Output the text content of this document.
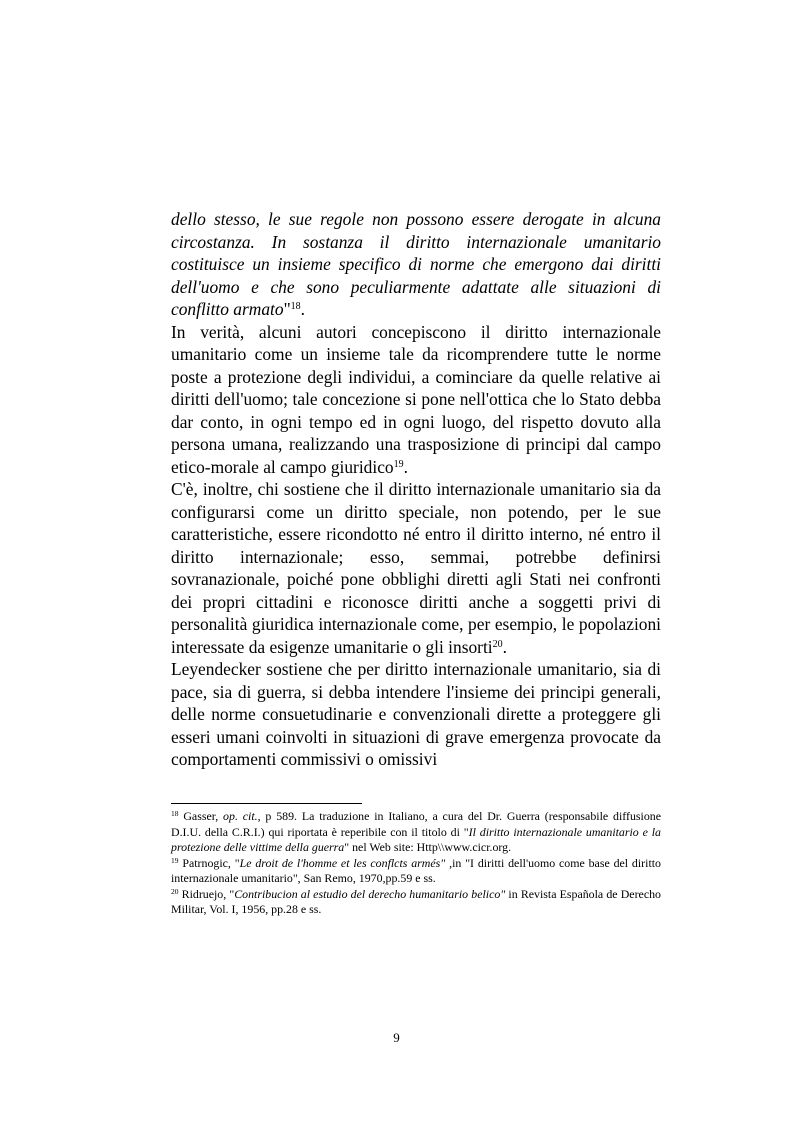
dello stesso, le sue regole non possono essere derogate in alcuna circostanza. In sostanza il diritto internazionale umanitario costituisce un insieme specifico di norme che emergono dai diritti dell'uomo e che sono peculiarmente adattate alle situazioni di conflitto armato"$^{18}$.

In verità, alcuni autori concepiscono il diritto internazionale umanitario come un insieme tale da ricomprendere tutte le norme poste a protezione degli individui, a cominciare da quelle relative ai diritti dell'uomo; tale concezione si pone nell'ottica che lo Stato debba dar conto, in ogni tempo ed in ogni luogo, del rispetto dovuto alla persona umana, realizzando una trasposizione di principi dal campo etico-morale al campo giuridico$^{19}$.

C'è, inoltre, chi sostiene che il diritto internazionale umanitario sia da configurarsi come un diritto speciale, non potendo, per le sue caratteristiche, essere ricondotto né entro il diritto interno, né entro il diritto internazionale; esso, semmai, potrebbe definirsi sovranazionale, poiché pone obblighi diretti agli Stati nei confronti dei propri cittadini e riconosce diritti anche a soggetti privi di personalità giuridica internazionale come, per esempio, le popolazioni interessate da esigenze umanitarie o gli insorti$^{20}$.

Leyendecker sostiene che per diritto internazionale umanitario, sia di pace, sia di guerra, si debba intendere l'insieme dei principi generali, delle norme consuetudinarie e convenzionali dirette a proteggere gli esseri umani coinvolti in situazioni di grave emergenza provocate da comportamenti commissivi o omissivi

$^{18}$ Gasser, op. cit., p 589. La traduzione in Italiano, a cura del Dr. Guerra (responsabile diffusione D.I.U. della C.R.I.) qui riportata è reperibile con il titolo di "Il diritto internazionale umanitario e la protezione delle vittime della guerra" nel Web site: Http\\www.cicr.org.

$^{19}$ Patrnogic, "Le droit de l'homme et les conflcts armés" ,in "I diritti dell'uomo come base del diritto internazionale umanitario", San Remo, 1970,pp.59 e ss.

$^{20}$ Ridruejo, "Contribucion al estudio del derecho humanitario belico" in Revista Española de Derecho Militar, Vol. I, 1956, pp.28 e ss.

9
